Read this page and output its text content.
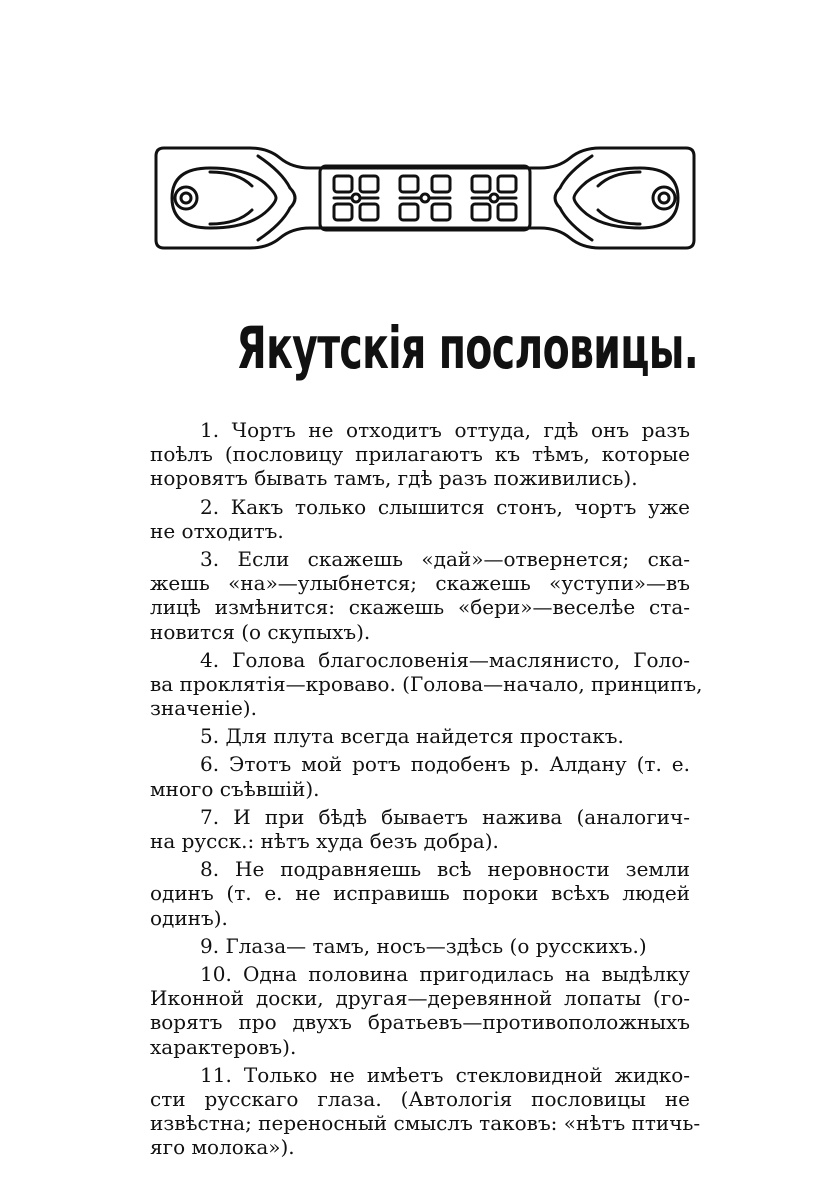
Якутскія пословицы.
1. Чортъ не отходитъ оттуда, гдѣ онъ разъ
поѣлъ (пословицу прилагаютъ къ тѣмъ, которые
норовятъ бывать тамъ, гдѣ разъ поживились).
2. Какъ только слышится стонъ, чортъ уже
не отходитъ.
3. Если скажешь «дай»—отвернется; ска-
жешь «на»—улыбнется; скажешь «уступи»—въ
лицѣ измѣнится: скажешь «бери»—веселѣе ста-
новится (о скупыхъ).
4. Голова благословенія—маслянисто, Голо-
ва проклятія—кроваво. (Голова—начало, принципъ,
значеніе).
5. Для плута всегда найдется простакъ.
6. Этотъ мой ротъ подобенъ р. Алдану (т. е.
много съѣвшій).
7. И при бѣдѣ бываетъ нажива (аналогич-
на русск.: нѣтъ худа безъ добра).
8. Не подравняешь всѣ неровности земли
одинъ (т. е. не исправишь пороки всѣхъ людей
одинъ).
9. Глаза— тамъ, носъ—здѣсь (о русскихъ.)
10. Одна половина пригодилась на выдѣлку
Иконной доски, другая—деревянной лопаты (го-
ворятъ про двухъ братьевъ—противоположныхъ
характеровъ).
11. Только не имѣетъ стекловидной жидко-
сти русскаго глаза. (Автологія пословицы не
извѣстна; переносный смыслъ таковъ: «нѣтъ птичь-
яго молока»).
